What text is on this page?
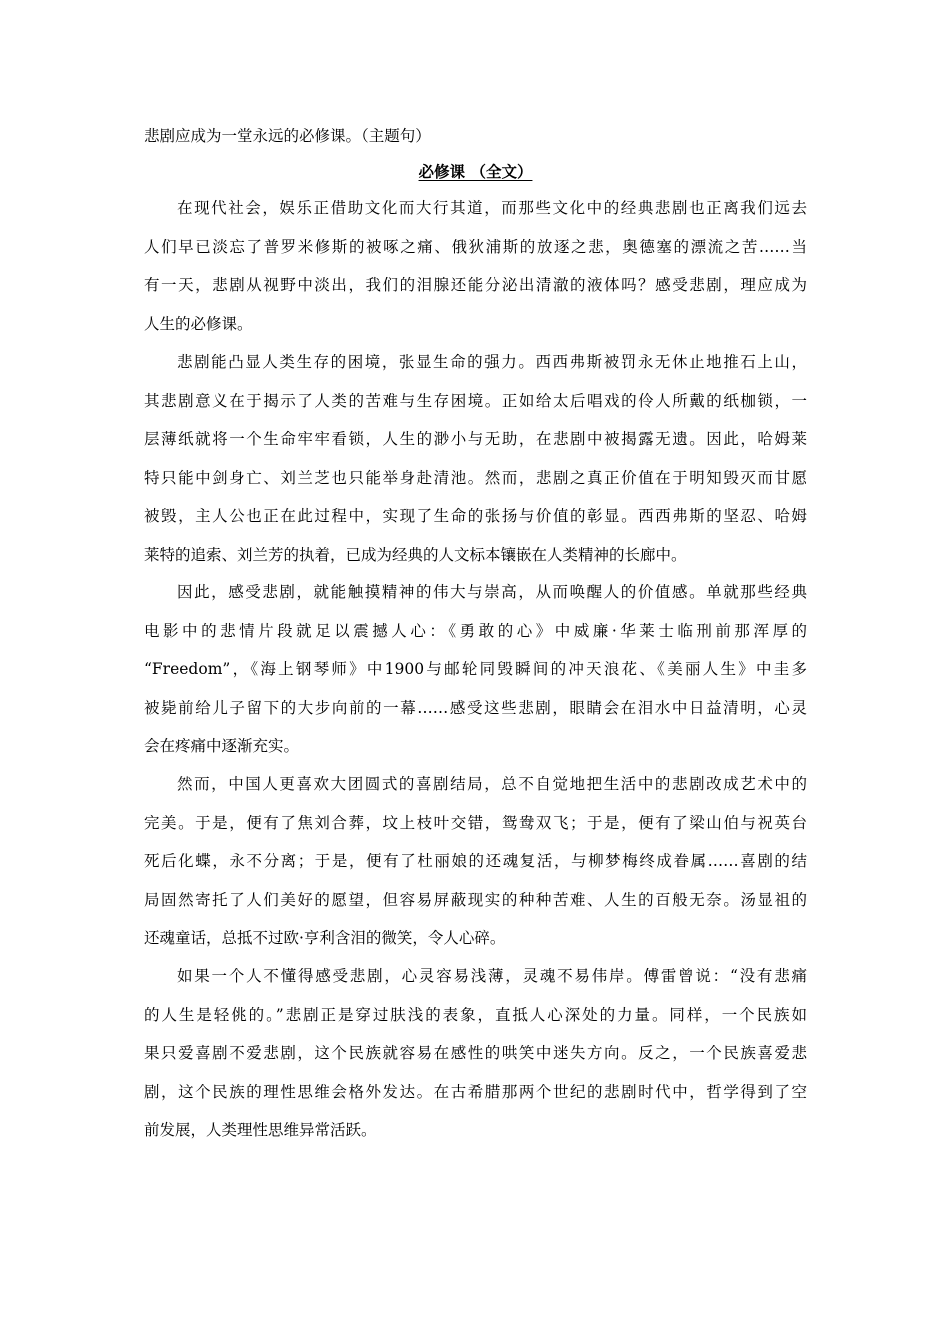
悲剧应成为一堂永远的必修课。（主题句）
必修课 （全文）
在现代社会，娱乐正借助文化而大行其道，而那些文化中的经典悲剧也正离我们远去
人们早已淡忘了普罗米修斯的被啄之痛、俄狄浦斯的放逐之悲，奥德塞的漂流之苦……当
有一天，悲剧从视野中淡出，我们的泪腺还能分泌出清澈的液体吗？感受悲剧，理应成为
人生的必修课。
悲剧能凸显人类生存的困境，张显生命的强力。西西弗斯被罚永无休止地推石上山，
其悲剧意义在于揭示了人类的苦难与生存困境。正如给太后唱戏的伶人所戴的纸枷锁，一
层薄纸就将一个生命牢牢看锁，人生的渺小与无助，在悲剧中被揭露无遗。因此，哈姆莱
特只能中剑身亡、刘兰芝也只能举身赴清池。然而，悲剧之真正价值在于明知毁灭而甘愿
被毁，主人公也正在此过程中，实现了生命的张扬与价值的彰显。西西弗斯的坚忍、哈姆
莱特的追索、刘兰芳的执着，已成为经典的人文标本镶嵌在人类精神的长廊中。
因此，感受悲剧，就能触摸精神的伟大与崇高，从而唤醒人的价值感。单就那些经典
电影中的悲情片段就足以震撼人心：《勇敢的心》中威廉·华莱士临刑前那浑厚的
“Freedom”，《海上钢琴师》中1900与邮轮同毁瞬间的冲天浪花、《美丽人生》中圭多
被毙前给儿子留下的大步向前的一幕……感受这些悲剧，眼睛会在泪水中日益清明，心灵
会在疼痛中逐渐充实。
然而，中国人更喜欢大团圆式的喜剧结局，总不自觉地把生活中的悲剧改成艺术中的
完美。于是，便有了焦刘合葬，坟上枝叶交错，鸳鸯双飞；于是，便有了梁山伯与祝英台
死后化蝶，永不分离；于是，便有了杜丽娘的还魂复活，与柳梦梅终成眷属……喜剧的结
局固然寄托了人们美好的愿望，但容易屏蔽现实的种种苦难、人生的百般无奈。汤显祖的
还魂童话，总抵不过欧·亨利含泪的微笑，令人心碎。
如果一个人不懂得感受悲剧，心灵容易浅薄，灵魂不易伟岸。傅雷曾说：“没有悲痛
的人生是轻佻的。”悲剧正是穿过肤浅的表象，直抵人心深处的力量。同样，一个民族如
果只爱喜剧不爱悲剧，这个民族就容易在感性的哄笑中迷失方向。反之，一个民族喜爱悲
剧，这个民族的理性思维会格外发达。在古希腊那两个世纪的悲剧时代中，哲学得到了空
前发展，人类理性思维异常活跃。
